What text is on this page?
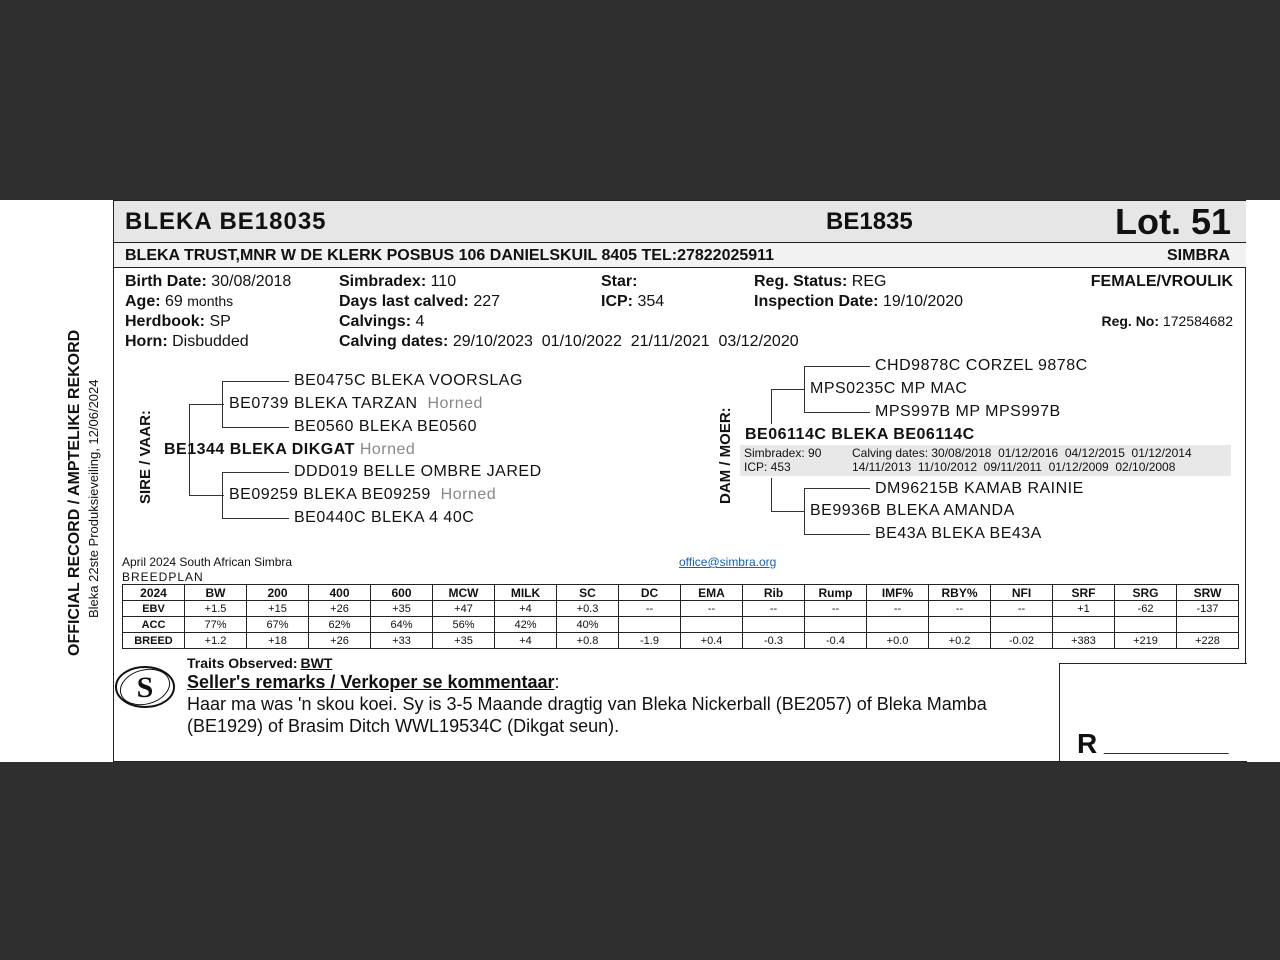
OFFICIAL RECORD / AMPTELIKE REKORD Bleka 22ste Produksieveiling, 12/06/2024
BLEKA BE18035	BE1835	Lot. 51
BLEKA TRUST,MNR W DE KLERK POSBUS 106 DANIELSKUIL 8405 TEL:27822025911	SIMBRA
Birth Date: 30/08/2018
Age: 69 months
Herdbook: SP
Horn: Disbudded
Simbradex: 110
Days last calved: 227
Calvings: 4
Calving dates: 29/10/2023  01/10/2022  21/11/2021  03/12/2020
Star:
ICP: 354
Reg. Status: REG
Inspection Date: 19/10/2020
FEMALE/VROULIK
Reg. No: 172584682
SIRE / VAAR:
BE0475C BLEKA VOORSLAG
BE0739 BLEKA TARZAN Horned
BE0560 BLEKA BE0560
BE1344 BLEKA DIKGAT Horned
DDD019 BELLE OMBRE JARED
BE09259 BLEKA BE09259 Horned
BE0440C BLEKA 4 40C
DAM / MOER:
CHD9878C CORZEL 9878C
MPS0235C MP MAC
MPS997B MP MPS997B
BE06114C BLEKA BE06114C
Simbradex: 90
ICP: 453
Calving dates: 30/08/2018  01/12/2016  04/12/2015  01/12/2014
14/11/2013  11/10/2012  09/11/2011  01/12/2009  02/10/2008
DM96215B KAMAB RAINIE
BE9936B BLEKA AMANDA
BE43A BLEKA BE43A
April 2024 South African Simbra
BREEDPLAN
office@simbra.org
2024	BW	200	400	600	MCW	MILK	SC	DC	EMA	Rib	Rump	IMF%	RBY%	NFI	SRF	SRG	SRW
EBV	+1.5	+15	+26	+35	+47	+4	+0.3	--	--	--	--	--	--	--	+1	-62	-137
ACC	77%	67%	62%	64%	56%	42%	40%										
BREED	+1.2	+18	+26	+33	+35	+4	+0.8	-1.9	+0.4	-0.3	-0.4	+0.0	+0.2	-0.02	+383	+219	+228
S
Traits Observed: BWT
Seller's remarks / Verkoper se kommentaar:
Haar ma was 'n skou koei. Sy is 3-5 Maande dragtig van Bleka Nickerball (BE2057) of Bleka Mamba
(BE1929) of Brasim Ditch WWL19534C (Dikgat seun).
R ________________
